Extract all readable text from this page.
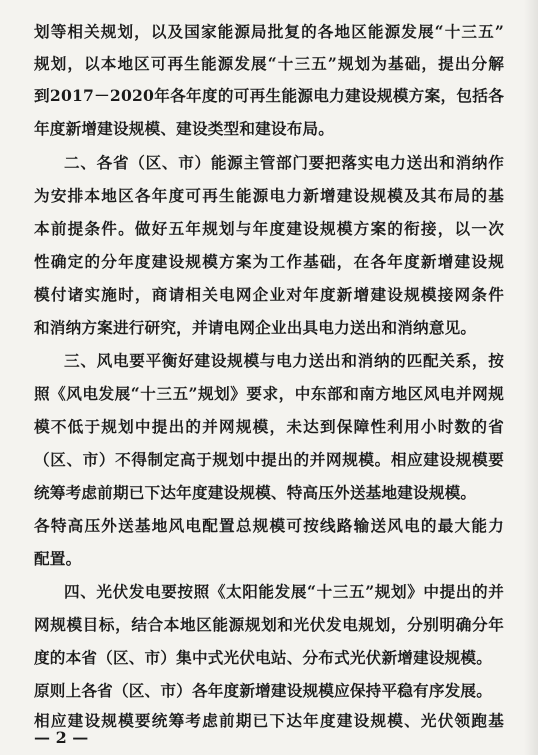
划等相关规划，以及国家能源局批复的各地区能源发展“十三五”
规划，以本地区可再生能源发展“十三五”规划为基础，提出分解
到2017－2020年各年度的可再生能源电力建设规模方案，包括各
年度新增建设规模、建设类型和建设布局。
二、各省（区、市）能源主管部门要把落实电力送出和消纳作
为安排本地区各年度可再生能源电力新增建设规模及其布局的基
本前提条件。做好五年规划与年度建设规模方案的衔接，以一次
性确定的分年度建设规模方案为工作基础，在各年度新增建设规
模付诸实施时，商请相关电网企业对年度新增建设规模接网条件
和消纳方案进行研究，并请电网企业出具电力送出和消纳意见。
三、风电要平衡好建设规模与电力送出和消纳的匹配关系，按
照《风电发展“十三五”规划》要求，中东部和南方地区风电并网规
模不低于规划中提出的并网规模，未达到保障性利用小时数的省
（区、市）不得制定高于规划中提出的并网规模。相应建设规模要
统筹考虑前期已下达年度建设规模、特高压外送基地建设规模。
各特高压外送基地风电配置总规模可按线路输送风电的最大能力
配置。
四、光伏发电要按照《太阳能发展“十三五”规划》中提出的并
网规模目标，结合本地区能源规划和光伏发电规划，分别明确分年
度的本省（区、市）集中式光伏电站、分布式光伏新增建设规模。
原则上各省（区、市）各年度新增建设规模应保持平稳有序发展。
相应建设规模要统筹考虑前期已下达年度建设规模、光伏领跑基
— 2 —
